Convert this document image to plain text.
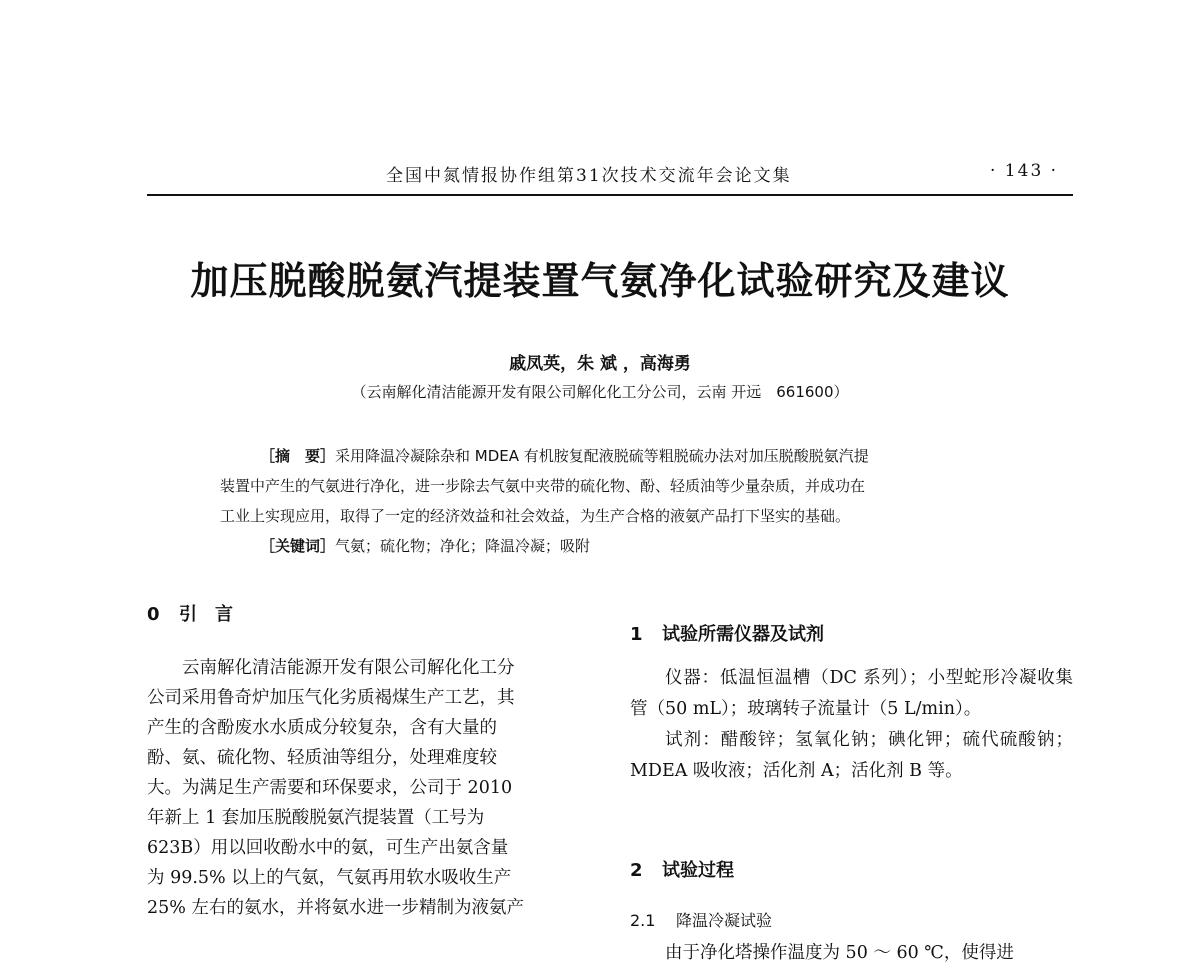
全国中氮情报协作组第31次技术交流年会论文集	· 143 ·
加压脱酸脱氨汽提装置气氨净化试验研究及建议
戚凤英，朱 斌 ，高海勇
（云南解化清洁能源开发有限公司解化化工分公司，云南 开远　661600）
［摘　要］采用降温冷凝除杂和 MDEA 有机胺复配液脱硫等粗脱硫办法对加压脱酸脱氨汽提
装置中产生的气氨进行净化，进一步除去气氨中夹带的硫化物、酚、轻质油等少量杂质，并成功在
工业上实现应用，取得了一定的经济效益和社会效益，为生产合格的液氨产品打下坚实的基础。
［关键词］气氨；硫化物；净化；降温冷凝；吸附
0 引　言
云南解化清洁能源开发有限公司解化化工分
公司采用鲁奇炉加压气化劣质褐煤生产工艺，其
产生的含酚废水水质成分较复杂，含有大量的
酚、氨、硫化物、轻质油等组分，处理难度较
大。为满足生产需要和环保要求，公司于 2010
年新上 1 套加压脱酸脱氨汽提装置（工号为
623B）用以回收酚水中的氨，可生产出氨含量
为 99.5% 以上的气氨，气氨再用软水吸收生产
25% 左右的氨水，并将氨水进一步精制为液氨产
1 试验所需仪器及试剂

仪器：低温恒温槽（DC 系列）；小型蛇形冷凝收集管（50 mL）；玻璃转子流量计（5 L/min）。

试剂：醋酸锌；氢氧化钠；碘化钾；硫代硫酸钠；MDEA 吸收液；活化剂 A；活化剂 B 等。

2 试验过程
2.1 降温冷凝试验
由于净化塔操作温度为 50 ～ 60 ℃，使得进
